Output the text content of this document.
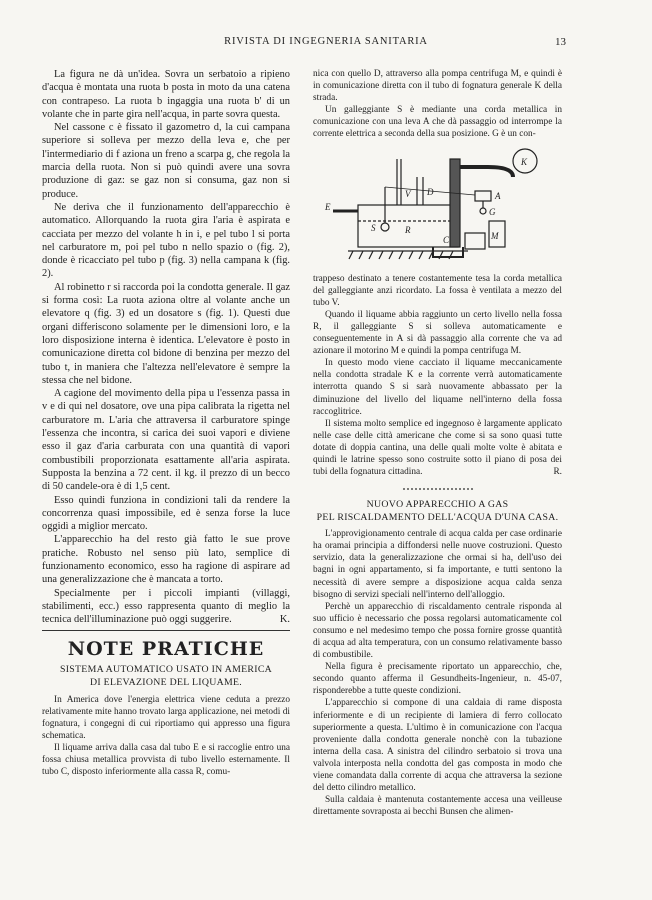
RIVISTA DI INGEGNERIA SANITARIA	13

La figura ne dà un'idea. Sovra un serbatoio a ripieno d'acqua è montata una ruota b posta in moto da una catena con contrapeso. La ruota b ingaggia una ruota b' di un volante che in parte gira nell'acqua, in parte sovra questa.

Nel cassone c è fissato il gazometro d, la cui campana superiore si solleva per mezzo della leva e, che per l'intermediario di f aziona un freno a scarpa g, che regola la marcia della ruota. Non si può quindi avere una sovra produzione di gaz: se gaz non si consuma, gaz non si produce.

Ne deriva che il funzionamento dell'apparecchio è automatico. Allorquando la ruota gira l'aria è aspirata e cacciata per mezzo del volante h in i, e pel tubo l si porta nel carburatore m, poi pel tubo n nello spazio o (fig. 2), donde è ricacciato pel tubo p (fig. 3) nella campana k (fig. 2).

Al robinetto r si raccorda poi la condotta generale. Il gaz si forma così: La ruota aziona oltre al volante anche un elevatore q (fig. 3) ed un dosatore s (fig. 1). Questi due organi differiscono solamente per le dimensioni loro, e la loro disposizione interna è identica. L'elevatore è posto in comunicazione diretta col bidone di benzina per mezzo del tubo t, in maniera che l'altezza nell'elevatore è sempre la stessa che nel bidone.

A cagione del movimento della pipa u l'essenza passa in v e di qui nel dosatore, ove una pipa calibrata la rigetta nel carburatore m. L'aria che attraversa il carburatore spinge l'essenza che incontra, si carica dei suoi vapori e diviene esso il gaz d'aria carburata con una quantità di vapori combustibili proporzionata esattamente all'aria aspirata. Supposta la benzina a 72 cent. il kg. il prezzo di un becco di 50 candele-ora è di 1,5 cent.

Esso quindi funziona in condizioni tali da rendere la concorrenza quasi impossibile, ed è senza forse la luce oggidì a miglior mercato.

L'apparecchio ha del resto già fatto le sue prove pratiche. Robusto nel senso più lato, semplice di funzionamento economico, esso ha ragione di aspirare ad una generalizzazione che è mancata a torto.

Specialmente per i piccoli impianti (villaggi, stabilimenti, ecc.) esso rappresenta quanto di meglio la tecnica dell'illuminazione può oggi suggerire.	K.

NOTE PRATICHE

SISTEMA AUTOMATICO USATO IN AMERICA

DI ELEVAZIONE DEL LIQUAME.

In America dove l'energia elettrica viene ceduta a prezzo relativamente mite hanno trovato larga applicazione, nei metodi di fognatura, i congegni di cui riportiamo qui appresso una figura schematica.

Il liquame arriva dalla casa dal tubo E e si raccoglie entro una fossa chiusa metallica provvista di tubo livello esternamente. Il tubo C, disposto inferiormente alla cassa R, comu-

nica con quello D, attraverso alla pompa centrifuga M, e quindi è in comunicazione diretta con il tubo di fognatura generale K della strada.

Un galleggiante S è mediante una corda metallica in comunicazione con una leva A che dà passaggio od interrompe la corrente elettrica a seconda della sua posizione. G è un con-

E
V D
S	R
C	M
K
A
G

trappeso destinato a tenere costantemente tesa la corda metallica del galleggiante anzi ricordato. La fossa è ventilata a mezzo del tubo V.

Quando il liquame abbia raggiunto un certo livello nella fossa R, il galleggiante S si solleva automaticamente e conseguentemente in A si dà passaggio alla corrente che va ad azionare il motorino M e quindi la pompa centrifuga M.

In questo modo viene cacciato il liquame meccanicamente nella condotta stradale K e la corrente verrà automaticamente interrotta quando S si sarà nuovamente abbassato per la diminuzione del livello del liquame nell'interno della fossa raccoglitrice.

Il sistema molto semplice ed ingegnoso è largamente applicato nelle case delle città americane che come si sa sono quasi tutte dotate di doppia cantina, una delle quali molte volte è abitata e quindi le latrine spesso sono costruite sotto il piano di posa dei tubi della fognatura cittadina.	R.

NUOVO APPARECCHIO A GAS

PEL RISCALDAMENTO DELL'ACQUA D'UNA CASA.

L'approvigionamento centrale di acqua calda per case ordinarie ha oramai principia a diffondersi nelle nuove costruzioni. Questo servizio, data la generalizzazione che ormai si ha, dell'uso dei bagni in ogni appartamento, si fa importante, e tutti sentono la necessità di avere sempre a disposizione acqua calda senza bisogno di servizi speciali nell'interno dell'alloggio.

Perchè un apparecchio di riscaldamento centrale risponda al suo ufficio è necessario che possa regolarsi automaticamente col consumo e nel medesimo tempo che possa fornire grosse quantità di acqua ad alta temperatura, con un consumo relativamente basso di combustibile.

Nella figura è precisamente riportato un apparecchio, che, secondo quanto afferma il Gesundheits-Ingenieur, n. 45-07, risponderebbe a tutte queste condizioni.

L'apparecchio si compone di una caldaia di rame disposta inferiormente e di un recipiente di lamiera di ferro collocato superiormente a questa. L'ultimo è in comunicazione con l'acqua proveniente dalla condotta generale nonchè con la tubazione interna della casa. A sinistra del cilindro serbatoio si trova una valvola interposta nella condotta del gas composta in modo che viene comandata dalla corrente di acqua che attraversa la sezione del detto cilindro metallico.

Sulla caldaia è mantenuta costantemente accesa una veilleuse direttamente sovraposta ai becchi Bunsen che alimen-
